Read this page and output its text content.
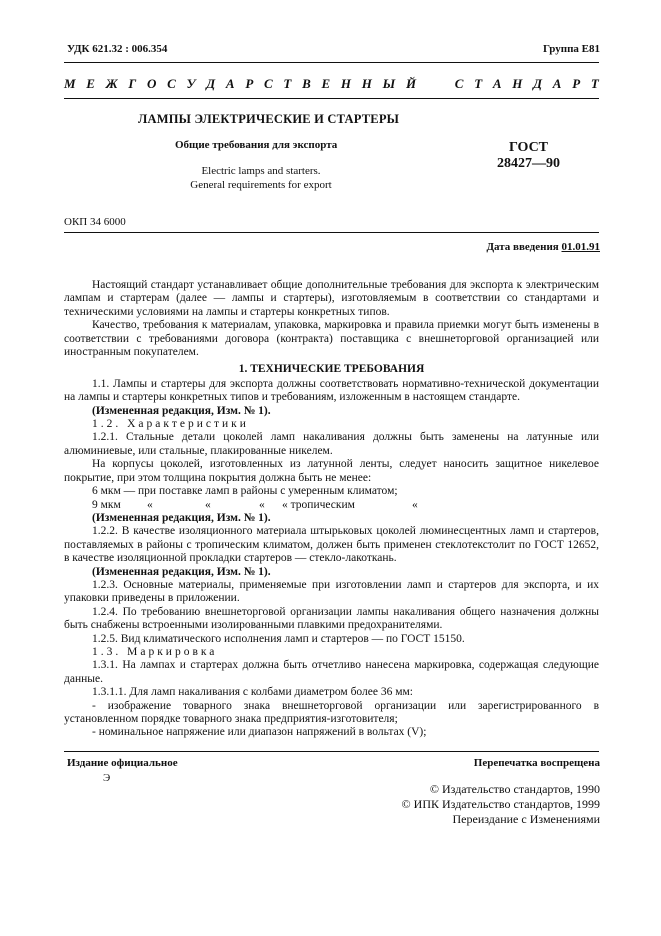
УДК 621.32 : 006.354	Группа Е81
М Е Ж Г О С У Д А Р С Т В Е Н Н Ы Й

	С Т А Н Д А Р Т
ЛАМПЫ ЭЛЕКТРИЧЕСКИЕ И СТАРТЕРЫ
Общие требования для экспорта	ГОСТ
28427—90
Electric lamps and starters.
General requirements for export
ОКП 34 6000
Дата введения 01.01.91

Настоящий стандарт устанавливает общие дополнительные требования для экспорта к электрическим лампам и стартерам (далее — лампы и стартеры), изготовляемым в соответствии со стандартами и техническими условиями на лампы и стартеры конкретных типов.

Качество, требования к материалам, упаковка, маркировка и правила приемки могут быть изменены в соответствии с требованиями договора (контракта) поставщика с внешнеторговой организацией или иностранным покупателем.

1. ТЕХНИЧЕСКИЕ ТРЕБОВАНИЯ

1.1. Лампы и стартеры для экспорта должны соответствовать нормативно-технической документации на лампы и стартеры конкретных типов и требованиям, изложенным в настоящем стандарте.

(Измененная редакция, Изм. № 1).

1.2. Характеристики

1.2.1. Стальные детали цоколей ламп накаливания должны быть заменены на латунные или алюминиевые, или стальные, плакированные никелем.

На корпусы цоколей, изготовленных из латунной ленты, следует наносить защитное никелевое покрытие, при этом толщина покрытия должна быть не менее:

6 мкм — при поставке ламп в районы с умеренным климатом;
9 мкм	«	«	«	« тропическим	«

(Измененная редакция, Изм. № 1).

1.2.2. В качестве изоляционного материала штырьковых цоколей люминесцентных ламп и стартеров, поставляемых в районы с тропическим климатом, должен быть применен стеклотекстолит по ГОСТ 12652, в качестве изоляционной прокладки стартеров — стекло-лакоткань.

(Измененная редакция, Изм. № 1).

1.2.3. Основные материалы, применяемые при изготовлении ламп и стартеров для экспорта, и их упаковки приведены в приложении.

1.2.4. По требованию внешнеторговой организации лампы накаливания общего назначения должны быть снабжены встроенными изолированными плавкими предохранителями.

1.2.5. Вид климатического исполнения ламп и стартеров — по ГОСТ 15150.

1.3. Маркировка

1.3.1. На лампах и стартерах должна быть отчетливо нанесена маркировка, содержащая следующие данные.

1.3.1.1. Для ламп накаливания с колбами диаметром более 36 мм:

- изображение товарного знака внешнеторговой организации или зарегистрированного в установленном порядке товарного знака предприятия-изготовителя;

- номинальное напряжение или диапазон напряжений в вольтах (V);

Издание официальное
Э
Перепечатка воспрещена
© Издательство стандартов, 1990
© ИПК Издательство стандартов, 1999
Переиздание с Изменениями
